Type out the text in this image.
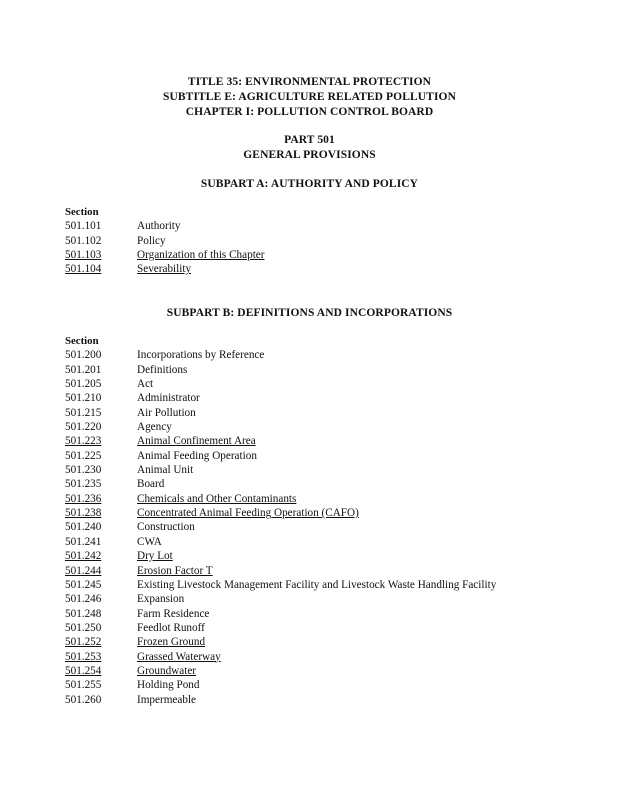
TITLE 35: ENVIRONMENTAL PROTECTION
SUBTITLE E: AGRICULTURE RELATED POLLUTION
CHAPTER I: POLLUTION CONTROL BOARD
PART 501
GENERAL PROVISIONS
SUBPART A: AUTHORITY AND POLICY
Section	
501.101	Authority
501.102	Policy
501.103	Organization of this Chapter
501.104	Severability
SUBPART B: DEFINITIONS AND INCORPORATIONS
Section	
501.200	Incorporations by Reference
501.201	Definitions
501.205	Act
501.210	Administrator
501.215	Air Pollution
501.220	Agency
501.223	Animal Confinement Area
501.225	Animal Feeding Operation
501.230	Animal Unit
501.235	Board
501.236	Chemicals and Other Contaminants
501.238	Concentrated Animal Feeding Operation (CAFO)
501.240	Construction
501.241	CWA
501.242	Dry Lot
501.244	Erosion Factor T
501.245	Existing Livestock Management Facility and Livestock Waste Handling Facility
501.246	Expansion
501.248	Farm Residence
501.250	Feedlot Runoff
501.252	Frozen Ground
501.253	Grassed Waterway
501.254	Groundwater
501.255	Holding Pond
501.260	Impermeable
